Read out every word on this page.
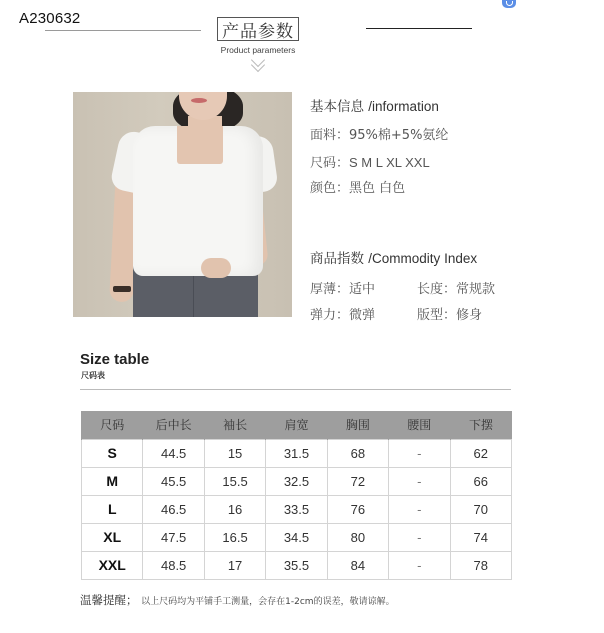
A230632
产品参数
Product parameters
基本信息 /information
面料：95%棉+5%氨纶
尺码：S M L XL XXL
颜色：黑色 白色
商品指数 /Commodity Index
厚薄：适中	长度：常规款
弹力：微弹	版型：修身
Size table
尺码表
尺码	后中长	袖长	肩宽	胸围	腰围	下摆
S	44.5	15	31.5	68	-	62
M	45.5	15.5	32.5	72	-	66
L	46.5	16	33.5	76	-	70
XL	47.5	16.5	34.5	80	-	74
XXL	48.5	17	35.5	84	-	78
温馨提醒； 以上尺码均为平铺手工测量，会存在1-2cm的误差，敬请谅解。
